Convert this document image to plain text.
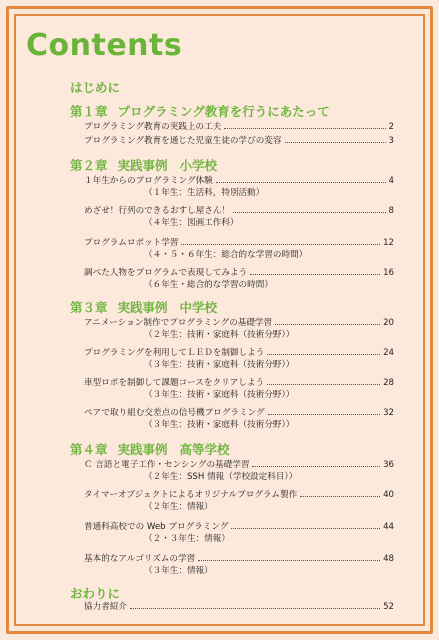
Contents
はじめに
第１章 プログラミング教育を行うにあたって
プログラミング教育の実践上の工夫	2
プログラミング教育を通じた児童生徒の学びの変容	3
第２章 実践事例 小学校
１年生からのプログラミング体験	4
（１年生：生活科，特別活動）
めざせ！行列のできるおすし屋さん！	8
（４年生：図画工作科）
プログラムロボット学習	12
（４・５・６年生：総合的な学習の時間）
調べた人物をプログラムで表現してみよう	16
（６年生・総合的な学習の時間）
第３章 実践事例 中学校
アニメーション制作でプログラミングの基礎学習	20
（２年生：技術・家庭科（技術分野））
プログラミングを利用してＬＥＤを制御しよう	24
（３年生：技術・家庭科（技術分野））
車型ロボを制御して課題コースをクリアしよう	28
（３年生：技術・家庭科（技術分野））
ペアで取り組む交差点の信号機プログラミング	32
（３年生：技術・家庭科（技術分野））
第４章 実践事例 高等学校
Ｃ 言語と電子工作・センシングの基礎学習	36
（２年生：SSH 情報（学校設定科目））
タイマーオブジェクトによるオリジナルプログラム製作	40
（２年生：情報）
普通科高校での Web プログラミング	44
（２・３年生：情報）
基本的なアルゴリズムの学習	48
（３年生：情報）
おわりに
協力者紹介	52
